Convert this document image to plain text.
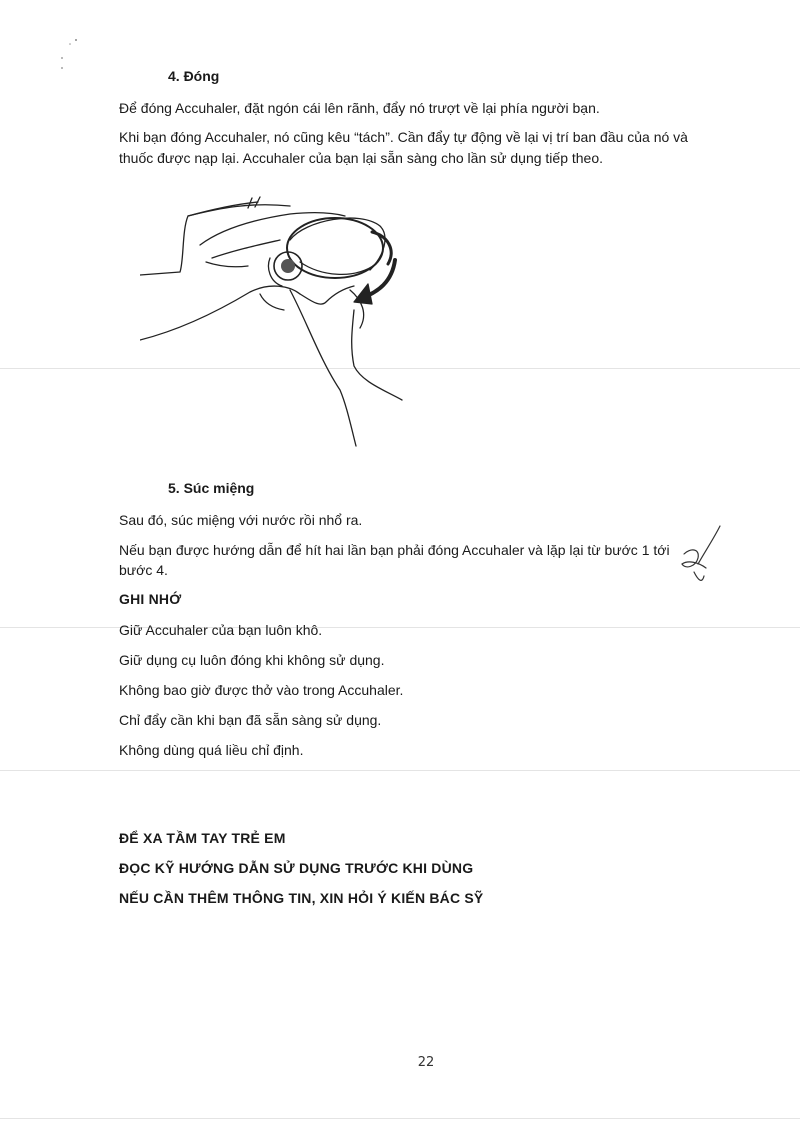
4. Đóng

Để đóng Accuhaler, đặt ngón cái lên rãnh, đẩy nó trượt về lại phía người bạn.

Khi bạn đóng Accuhaler, nó cũng kêu “tách”. Cần đẩy tự động về lại vị trí ban đầu của nó và

thuốc được nạp lại. Accuhaler của bạn lại sẵn sàng cho lần sử dụng tiếp theo.

5. Súc miệng

Sau đó, súc miệng với nước rồi nhổ ra.

Nếu bạn được hướng dẫn để hít hai lần bạn phải đóng Accuhaler và lặp lại từ bước 1 tới

bước 4.

GHI NHỚ

Giữ Accuhaler của bạn luôn khô.
Giữ dụng cụ luôn đóng khi không sử dụng.
Không bao giờ được thở vào trong Accuhaler.
Chỉ đẩy cần khi bạn đã sẵn sàng sử dụng.
Không dùng quá liều chỉ định.

ĐỂ XA TẦM TAY TRẺ EM

ĐỌC KỸ HƯỚNG DẪN SỬ DỤNG TRƯỚC KHI DÙNG

NẾU CẦN THÊM THÔNG TIN, XIN HỎI Ý KIẾN BÁC SỸ

22
